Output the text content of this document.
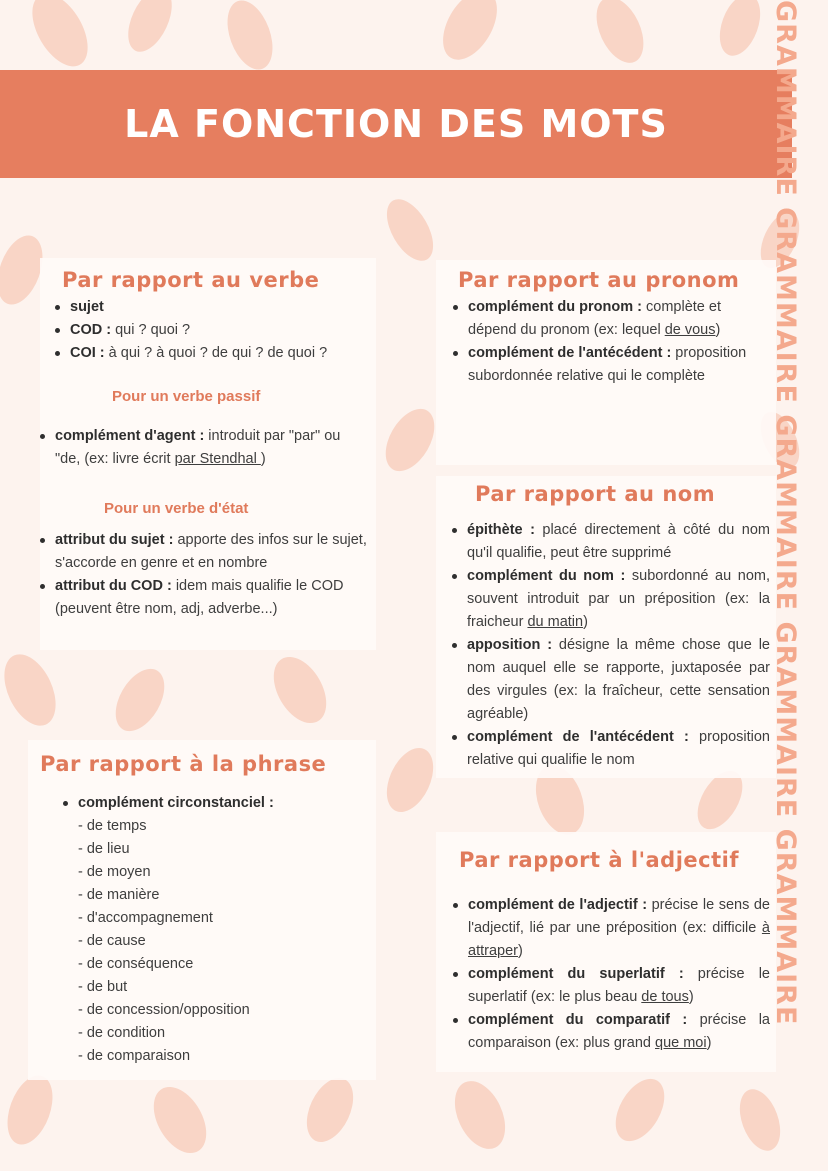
LA FONCTION DES MOTS	GRAMMAIRE GRAMMAIRE GRAMMAIRE GRAMMAIRE GRAMMAIRE
Par rapport au verbe
sujet
COD : qui ? quoi ?
COI : à qui ? à quoi ? de qui ? de quoi ?
Pour un verbe passif
complément d'agent : introduit par "par" ou "de, (ex: livre écrit par Stendhal )
Pour un verbe d'état
attribut du sujet : apporte des infos sur le sujet, s'accorde en genre et en nombre
attribut du COD : idem mais qualifie le COD (peuvent être nom, adj, adverbe...)
Par rapport au pronom
complément du pronom : complète et dépend du pronom (ex: lequel de vous)
complément de l'antécédent : proposition subordonnée relative qui le complète
Par rapport au nom
épithète : placé directement à côté du nom qu'il qualifie, peut être supprimé
complément du nom : subordonné au nom, souvent introduit par un préposition (ex: la fraicheur du matin)
apposition : désigne la même chose que le nom auquel elle se rapporte, juxtaposée par des virgules (ex: la fraîcheur, cette sensation agréable)
complément de l'antécédent : proposition relative qui qualifie le nom
Par rapport à la phrase
complément circonstanciel :
- de temps
- de lieu
- de moyen
- de manière
- d'accompagnement
- de cause
- de conséquence
- de but
- de concession/opposition
- de condition
- de comparaison
Par rapport à l'adjectif
complément de l'adjectif : précise le sens de l'adjectif, lié par une préposition (ex: difficile à attraper)
complément du superlatif : précise le superlatif (ex: le plus beau de tous)
complément du comparatif : précise la comparaison (ex: plus grand que moi)
